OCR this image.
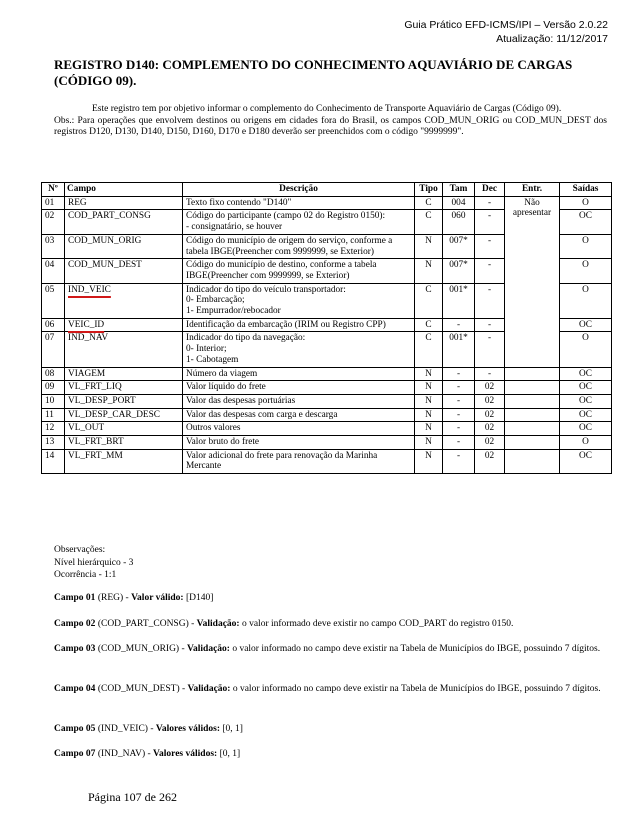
Guia Prático EFD-ICMS/IPI – Versão 2.0.22
Atualização: 11/12/2017
REGISTRO D140: COMPLEMENTO DO CONHECIMENTO AQUAVIÁRIO DE CARGAS (CÓDIGO 09).

Este registro tem por objetivo informar o complemento do Conhecimento de Transporte Aquaviário de Cargas (Código 09).

Obs.: Para operações que envolvem destinos ou origens em cidades fora do Brasil, os campos COD_MUN_ORIG ou COD_MUN_DEST dos registros D120, D130, D140, D150, D160, D170 e D180 deverão ser preenchidos com o código "9999999".

Nº	Campo	Descrição	Tipo	Tam	Dec	Entr.	Saídas
01	REG	Texto fixo contendo "D140"	C	004	-	Não apresentar	O
02	COD_PART_CONSG	Código do participante (campo 02 do Registro 0150):
- consignatário, se houver	C	060	-		OC
03	COD_MUN_ORIG	Código do município de origem do serviço, conforme a tabela IBGE(Preencher com 9999999, se Exterior)	N	007*	-		O
04	COD_MUN_DEST	Código do município de destino, conforme a tabela IBGE(Preencher com 9999999, se Exterior)	N	007*	-		O
05	IND_VEIC	Indicador do tipo do veículo transportador:
0- Embarcação;
1- Empurrador/rebocador	C	001*	-		O
06	VEIC_ID	Identificação da embarcação (IRIM ou Registro CPP)	C	-	-		OC
07	IND_NAV	Indicador do tipo da navegação:
0- Interior;
1- Cabotagem	C	001*	-		O
08	VIAGEM	Número da viagem	N	-	-		OC
09	VL_FRT_LIQ	Valor líquido do frete	N	-	02		OC
10	VL_DESP_PORT	Valor das despesas portuárias	N	-	02		OC
11	VL_DESP_CAR_DESC	Valor das despesas com carga e descarga	N	-	02		OC
12	VL_OUT	Outros valores	N	-	02		OC
13	VL_FRT_BRT	Valor bruto do frete	N	-	02		O
14	VL_FRT_MM	Valor adicional do frete para renovação da Marinha Mercante	N	-	02		OC
Observações:
Nível hierárquico - 3
Ocorrência - 1:1

Campo 01 (REG) - Valor válido: [D140]

Campo 02 (COD_PART_CONSG) - Validação: o valor informado deve existir no campo COD_PART do registro 0150.

Campo 03 (COD_MUN_ORIG) - Validação: o valor informado no campo deve existir na Tabela de Municípios do IBGE, possuindo 7 dígitos.

Campo 04 (COD_MUN_DEST) - Validação: o valor informado no campo deve existir na Tabela de Municípios do IBGE, possuindo 7 dígitos.

Campo 05 (IND_VEIC) - Valores válidos: [0, 1]

Campo 07 (IND_NAV) - Valores válidos: [0, 1]

Página 107 de 262
